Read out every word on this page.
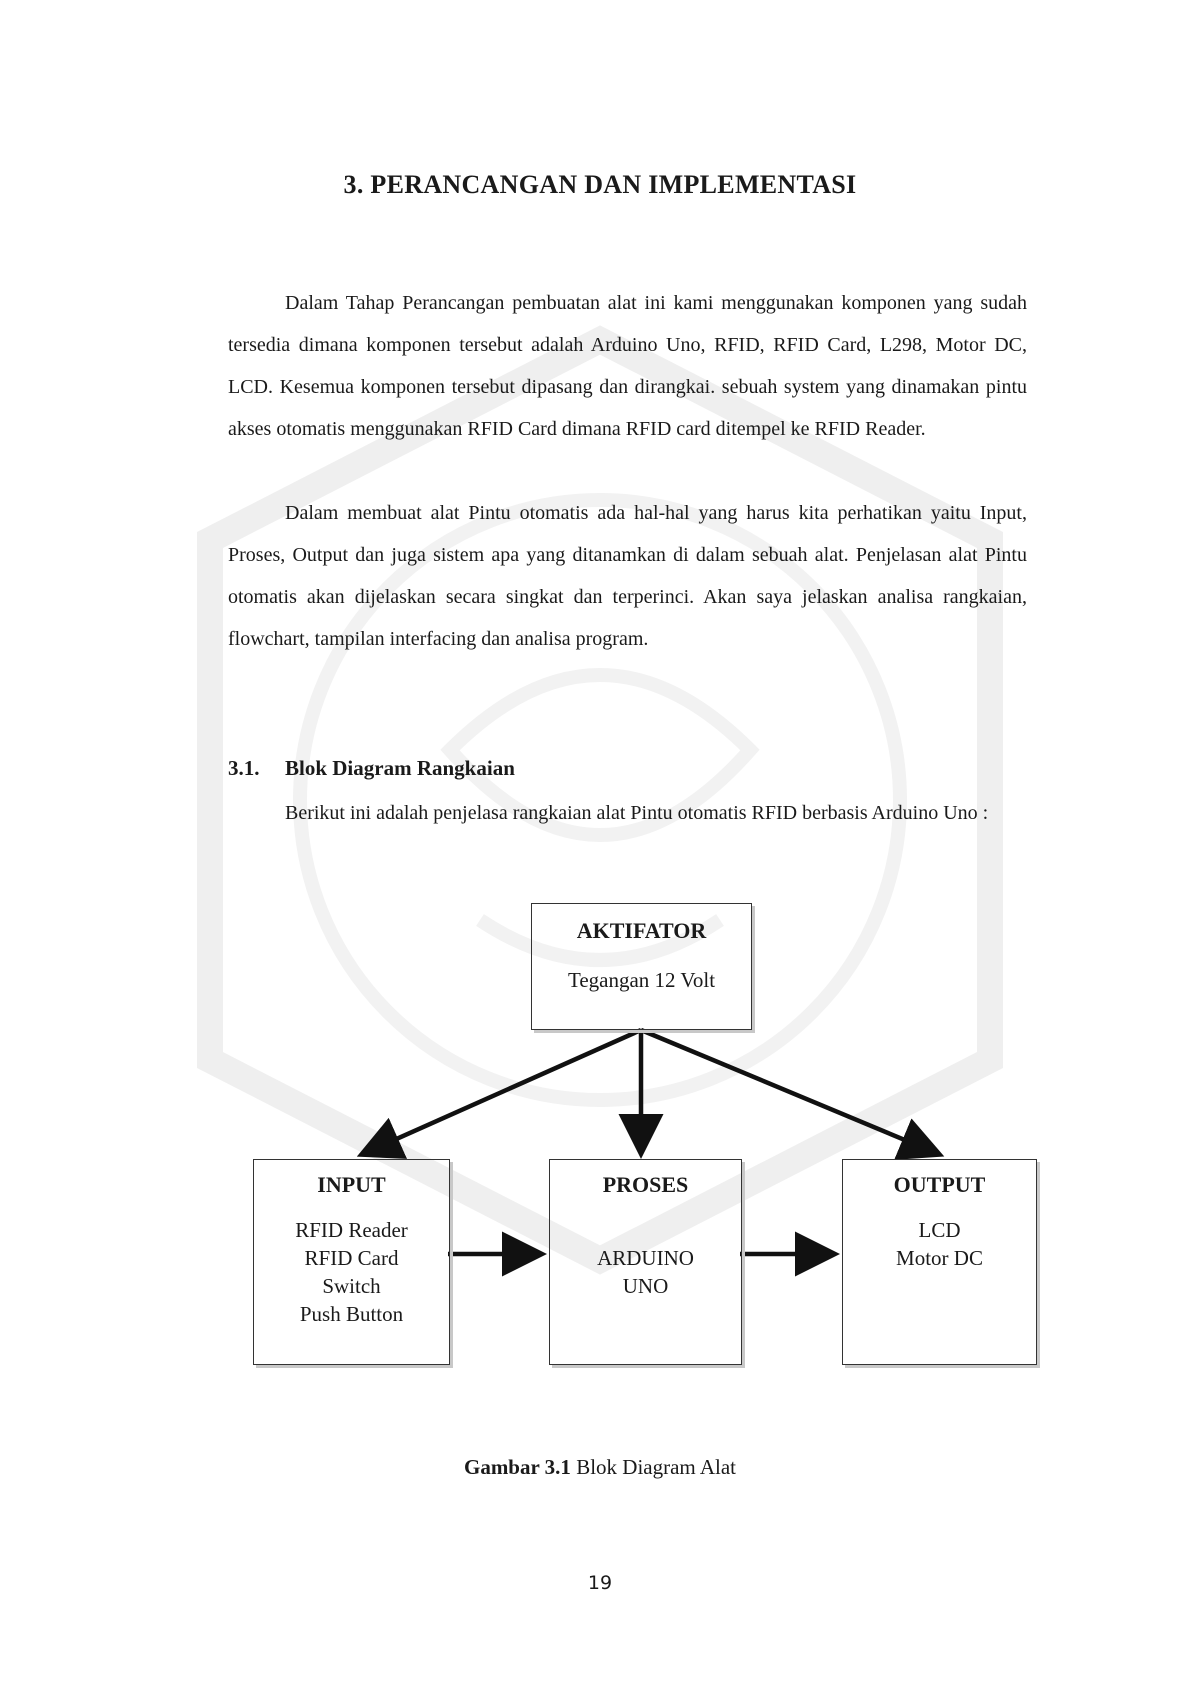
3. PERANCANGAN DAN IMPLEMENTASI

Dalam Tahap Perancangan pembuatan alat ini kami menggunakan komponen yang sudah tersedia dimana komponen tersebut adalah Arduino Uno, RFID, RFID Card, L298, Motor DC, LCD. Kesemua komponen tersebut dipasang dan dirangkai. sebuah system yang dinamakan pintu akses otomatis menggunakan RFID Card dimana RFID card ditempel ke RFID Reader.

Dalam membuat alat Pintu otomatis ada hal-hal yang harus kita perhatikan yaitu Input, Proses, Output dan juga sistem apa yang ditanamkan di dalam sebuah alat. Penjelasan alat Pintu otomatis akan dijelaskan secara singkat dan terperinci. Akan saya jelaskan analisa rangkaian, flowchart, tampilan interfacing dan analisa program.

3.1. Blok Diagram Rangkaian

Berikut ini adalah penjelasa rangkaian alat Pintu otomatis RFID berbasis Arduino Uno :

AKTIFATOR
Tegangan 12 Volt
INPUT
RFID Reader
RFID Card
Switch
Push Button
PROSES
ARDUINO
UNO
OUTPUT
LCD
Motor DC
Gambar 3.1 Blok Diagram Alat
19
